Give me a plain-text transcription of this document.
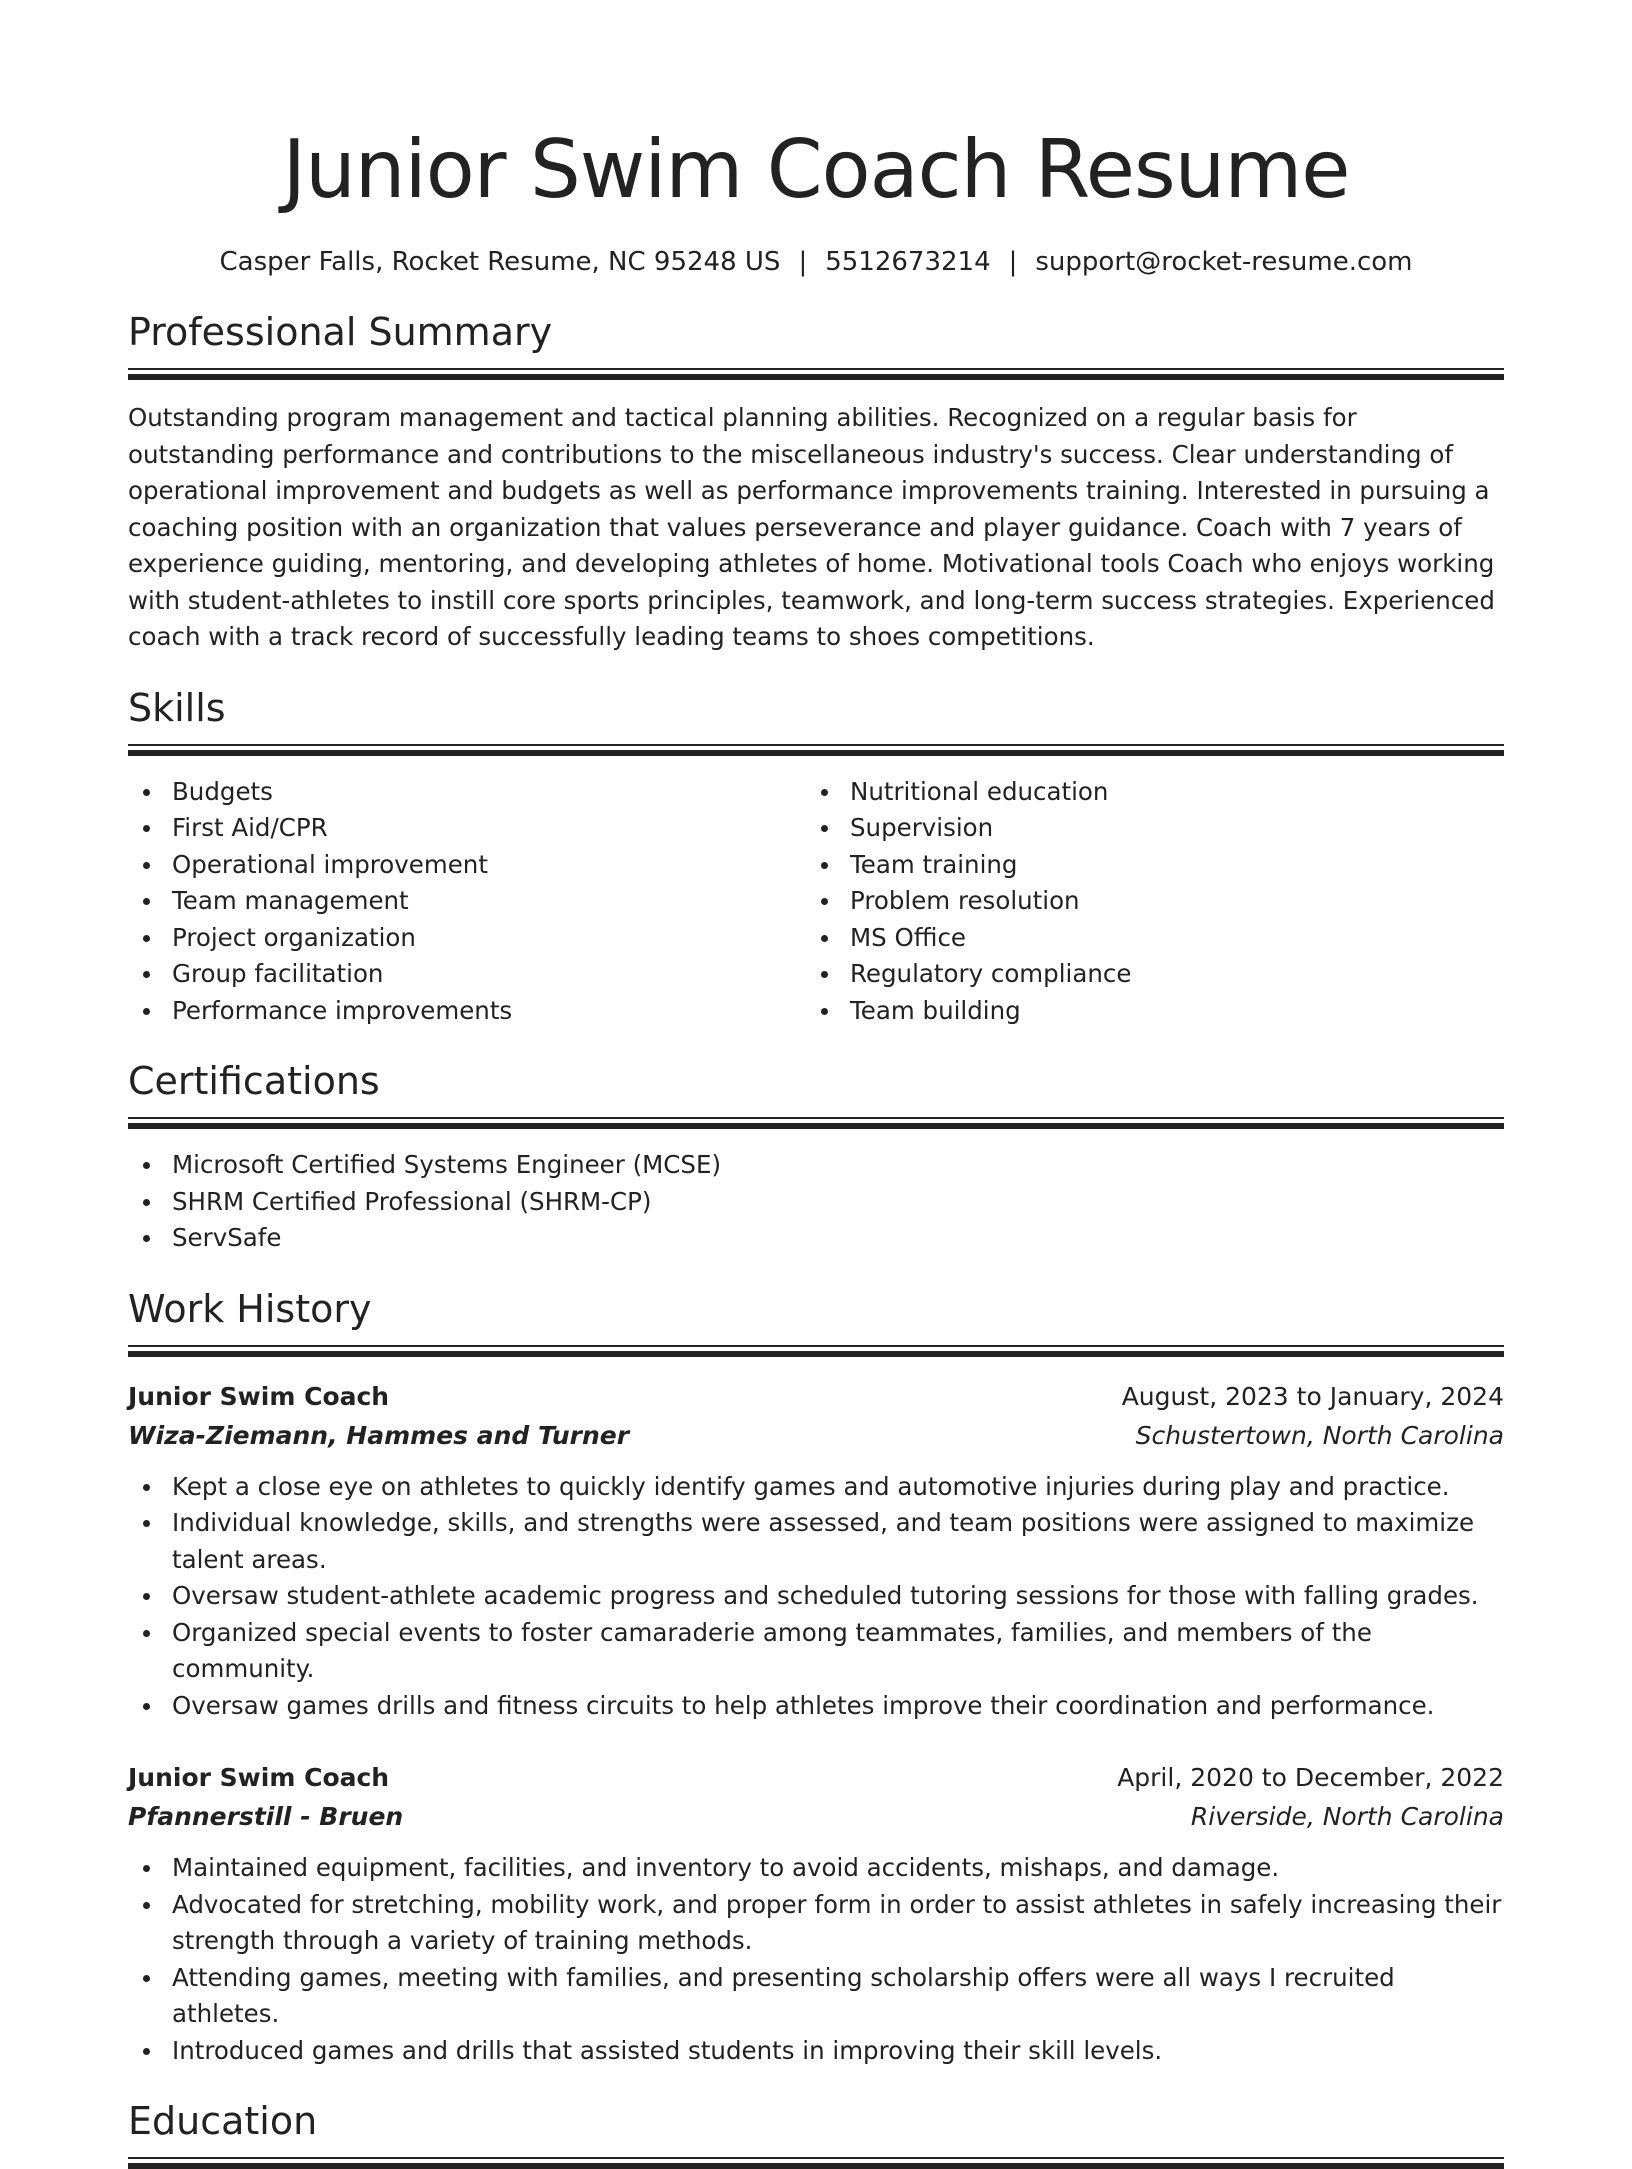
Junior Swim Coach Resume
Casper Falls, Rocket Resume, NC 95248 US | 5512673214 | support@rocket-resume.com
Professional Summary

Outstanding program management and tactical planning abilities. Recognized on a regular basis for outstanding performance and contributions to the miscellaneous industry's success. Clear understanding of operational improvement and budgets as well as performance improvements training. Interested in pursuing a coaching position with an organization that values perseverance and player guidance. Coach with 7 years of experience guiding, mentoring, and developing athletes of home. Motivational tools Coach who enjoys working with student-athletes to instill core sports principles, teamwork, and long-term success strategies. Experienced coach with a track record of successfully leading teams to shoes competitions.

Skills
Budgets
First Aid/CPR
Operational improvement
Team management
Project organization
Group facilitation
Performance improvements
Nutritional education
Supervision
Team training
Problem resolution
MS Office
Regulatory compliance
Team building
Certifications
Microsoft Certified Systems Engineer (MCSE)
SHRM Certified Professional (SHRM-CP)
ServSafe
Work History
Junior Swim Coach	August, 2023 to January, 2024
Wiza-Ziemann, Hammes and Turner	Schustertown, North Carolina
Kept a close eye on athletes to quickly identify games and automotive injuries during play and practice.
Individual knowledge, skills, and strengths were assessed, and team positions were assigned to maximize talent areas.
Oversaw student-athlete academic progress and scheduled tutoring sessions for those with falling grades.
Organized special events to foster camaraderie among teammates, families, and members of the community.
Oversaw games drills and fitness circuits to help athletes improve their coordination and performance.
Junior Swim Coach	April, 2020 to December, 2022
Pfannerstill - Bruen	Riverside, North Carolina
Maintained equipment, facilities, and inventory to avoid accidents, mishaps, and damage.
Advocated for stretching, mobility work, and proper form in order to assist athletes in safely increasing their strength through a variety of training methods.
Attending games, meeting with families, and presenting scholarship offers were all ways I recruited athletes.
Introduced games and drills that assisted students in improving their skill levels.
Education
